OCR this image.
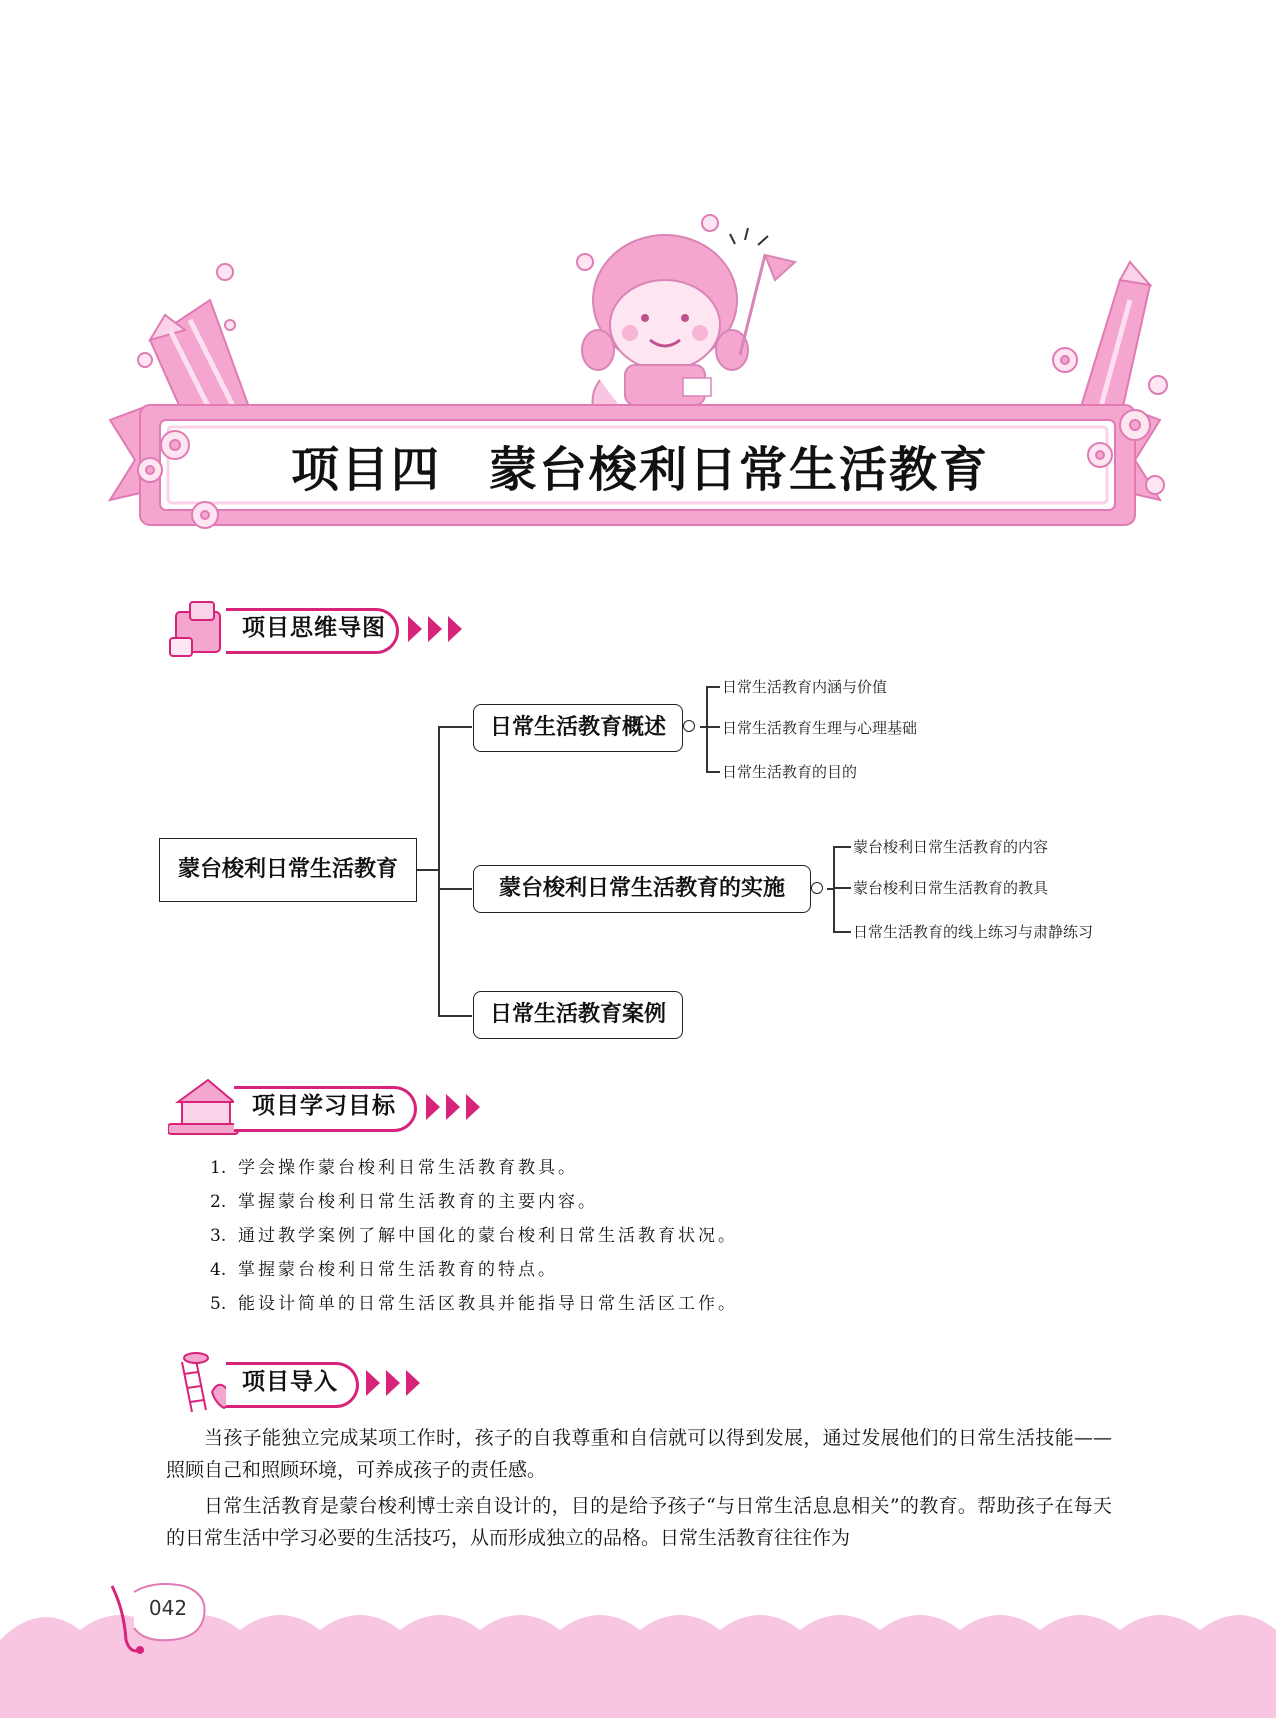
项目四 蒙台梭利日常生活教育
项目思维导图
蒙台梭利日常生活教育
日常生活教育概述
蒙台梭利日常生活教育的实施
日常生活教育案例
日常生活教育内涵与价值
日常生活教育生理与心理基础
日常生活教育的目的
蒙台梭利日常生活教育的内容
蒙台梭利日常生活教育的教具
日常生活教育的线上练习与肃静练习
项目学习目标
1. 学会操作蒙台梭利日常生活教育教具。
2. 掌握蒙台梭利日常生活教育的主要内容。
3. 通过教学案例了解中国化的蒙台梭利日常生活教育状况。
4. 掌握蒙台梭利日常生活教育的特点。
5. 能设计简单的日常生活区教具并能指导日常生活区工作。
项目导入
当孩子能独立完成某项工作时，孩子的自我尊重和自信就可以得到发展，通过发展他们的日常生活技能——照顾自己和照顾环境，可养成孩子的责任感。
日常生活教育是蒙台梭利博士亲自设计的，目的是给予孩子“与日常生活息息相关”的教育。帮助孩子在每天的日常生活中学习必要的生活技巧，从而形成独立的品格。日常生活教育往往作为
042
